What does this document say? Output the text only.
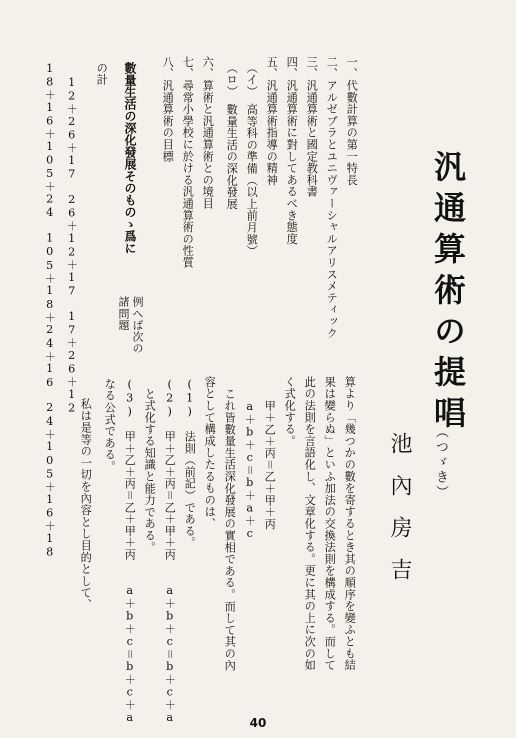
汎通算術の提唱
（つゞき）
池內房吉
算より「幾つかの數を寄するとき其の順序を變ふとも結
果は變らぬ」といふ加法の交換法則を構成する。而して
此の法則を言語化し、文章化する。更に其の上に次の如
く式化する。
甲＋乙＋丙＝乙＋甲＋丙
a＋b＋c＝b＋a＋c
これ皆數量生活深化發展の實相である。而して其の內
容として構成したるものは、
(1)　法則（前記）である。
(2)　甲＋乙＋丙＝乙＋甲＋丙　　a＋b＋c＝b＋c＋a
と式化する知識と能力である。
(3)　甲＋乙＋丙＝乙＋甲＋丙　　a＋b＋c＝b＋c＋a
なる公式である。
私は是等の一切を內容とし目的として、
一、代數計算の第一特長
二、アルゼブラとユニヴァーシャルアリスメティック
三、汎通算術と國定教科書
四、汎通算術に對してあるべき態度
五、汎通算術指導の精神
（イ）　高等科の準備（以上前月號）
（ロ）　數量生活の深化發展
六、算術と汎通算術との境目
七、尋常小學校に於ける汎通算術の性質
八、汎通算術の目標
數量生活の深化發展そのものゝ爲に
の計
12＋26＋17　26＋12＋17　17＋26＋12
18＋16＋105＋24　105＋18＋24＋16　24＋105＋16＋18	例へば次の諸問題
40
